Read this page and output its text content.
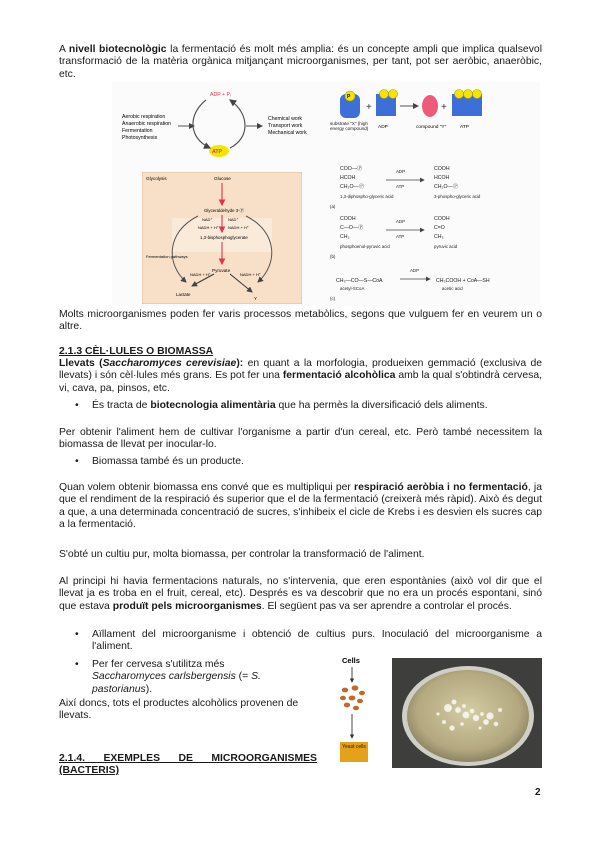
A nivell biotecnològic la fermentació és molt més amplia: és un concepte ampli que implica qualsevol transformació de la matèria orgànica mitjançant microorganismes, per tant, pot ser aeròbic, anaeròbic, etc.

Aerobic respiration
Anaerobic respiration
Fermentation
Photosynthesis
ADP + Pᵢ
ATP
Chemical work
Transport work
Mechanical work
P
+	+
substrate "X" (high energy compound)	ADP	compound "Y"	ATP
COO—Ⓟ
HCOH
CH₂O—Ⓟ
1,3-diphospho-glyceric acid
ADP
ATP
COOH
HCOH
CH₂O—Ⓟ
3-phospho-glyceric acid
(a)
COOH
C—O—Ⓟ
CH₂
phosphoenol-pyruvic acid
ADP
ATP
COOH
C=O
CH₃
pyruvic acid
(b)
CH₃—CO—S—CoA
acetyl-SCoA
ADP
CH₃COOH + CoA—SH
acetic acid
(c)
Glycolysis	Glucose
Glyceraldehyde 3-Ⓟ
NAD⁺	NAD⁺
NADH + H⁺ NADH + H⁺
1,3-bisphosphoglycerate
Pyruvate
Fermentation pathways
NADH + H⁺	NADH + H⁺
Lactate
Y

Molts microorganismes poden fer varis processos metabòlics, segons que vulguem fer en veurem un o altre.

2.1.3 CÈL·LULES O BIOMASSA

Llevats (Saccharomyces cerevisiae): en quant a la morfologia, produeixen gemmació (exclusiva de llevats) i són cèl·lules més grans. Es pot fer una fermentació alcohòlica amb la qual s'obtindrà cervesa, vi, cava, pa, pinsos, etc.

• És tracta de biotecnologia alimentària que ha permès la diversificació dels aliments.

Per obtenir l'aliment hem de cultivar l'organisme a partir d'un cereal, etc. Però també necessitem la biomassa de llevat per inocular-lo.

• Biomassa també és un producte.

Quan volem obtenir biomassa ens convé que es multipliqui per respiració aeròbia i no fermentació, ja que el rendiment de la respiració és superior que el de la fermentació (creixerà més ràpid). Això és degut a que, a una determinada concentració de sucres, s'inhibeix el cicle de Krebs i es desvien els sucres cap a la fermentació.

S'obté un cultiu pur, molta biomassa, per controlar la transformació de l'aliment.

Al principi hi havia fermentacions naturals, no s'intervenia, que eren espontànies (això vol dir que el llevat ja es troba en el fruit, cereal, etc). Després es va descobrir que no era un procés espontani, sinó que estava produït pels microorganismes. El següent pas va ser aprendre a controlar el procés.

• Aïllament del microorganisme i obtenció de cultius purs. Inoculació del microorganisme a l'aliment.

• Per fer cervesa s'utilitza més Saccharomyces carlsbergensis (= S. pastorianus).

Així doncs, tots el productes alcohòlics provenen de llevats.

Cells
Yeast cells

2.1.4. EXEMPLES DE MICROORGANISMES

(BACTERIS)

2
